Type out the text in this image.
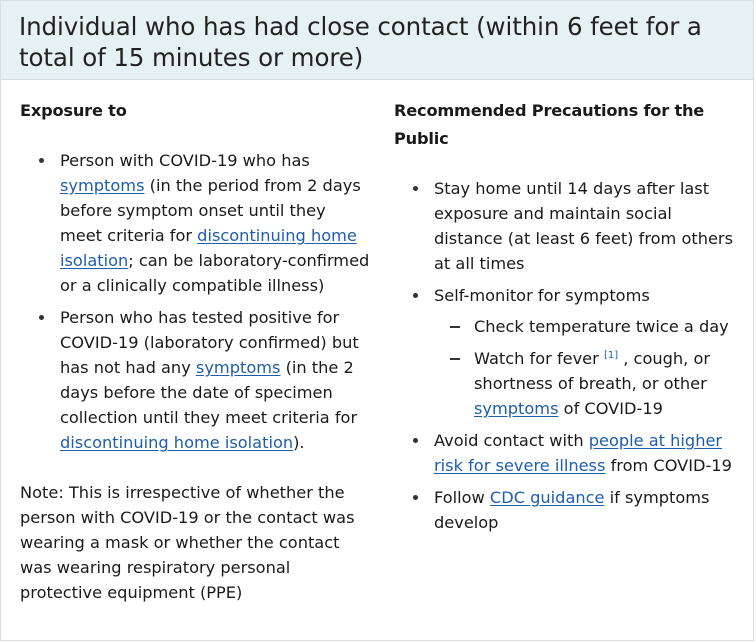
Individual who has had close contact (within 6 feet for a total of 15 minutes or more)
Exposure to
Person with COVID-19 who has symptoms (in the period from 2 days before symptom onset until they meet criteria for discontinuing home isolation; can be laboratory-confirmed or a clinically compatible illness)
Person who has tested positive for COVID-19 (laboratory confirmed) but has not had any symptoms (in the 2 days before the date of specimen collection until they meet criteria for discontinuing home isolation).

Note: This is irrespective of whether the person with COVID-19 or the contact was wearing a mask or whether the contact was wearing respiratory personal protective equipment (PPE)

Recommended Precautions for the Public
Stay home until 14 days after last exposure and maintain social distance (at least 6 feet) from others at all times
Self-monitor for symptoms
Check temperature twice a day
Watch for fever [1] , cough, or shortness of breath, or other symptoms of COVID-19
Avoid contact with people at higher risk for severe illness from COVID-19
Follow CDC guidance if symptoms develop
